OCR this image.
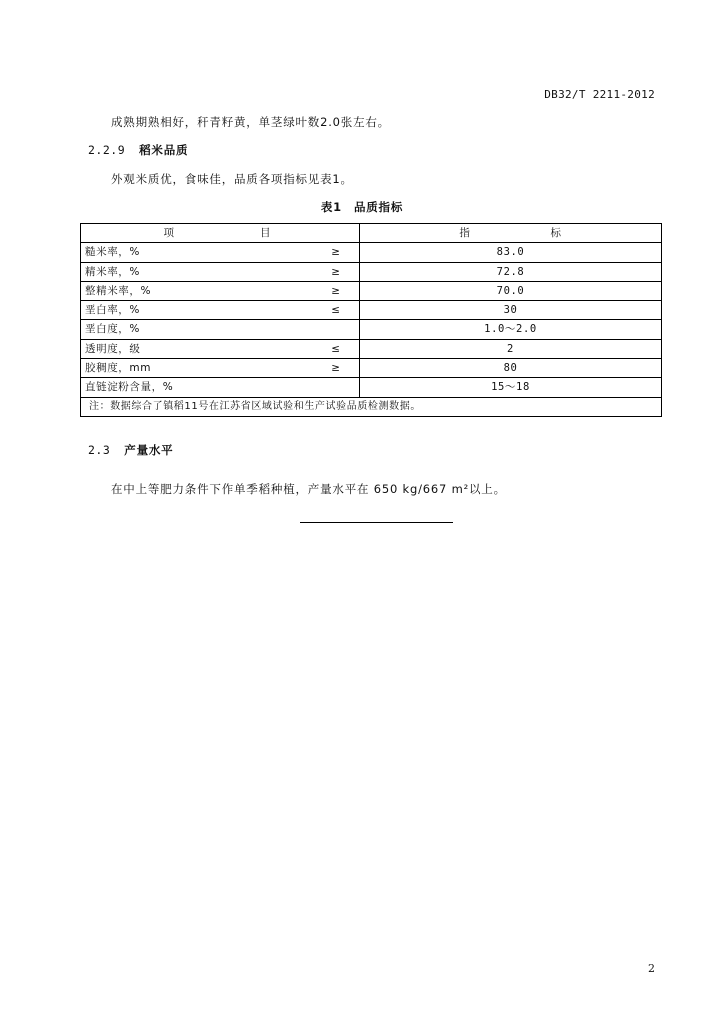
DB32/T 2211-2012
成熟期熟相好，秆青籽黄，单茎绿叶数2.0张左右。
2.2.9 稻米品质
外观米质优，食味佳，品质各项指标见表1。
表1 品质指标
项 目		指 标
糙米率，%	≥	83.0
精米率，%	≥	72.8
整精米率，%	≥	70.0
垩白率，%	≤	30
垩白度，%		1.0～2.0
透明度，级	≤	2
胶稠度，mm	≥	80
直链淀粉含量，%		15～18
注：数据综合了镇稻11号在江苏省区域试验和生产试验品质检测数据。		
2.3 产量水平
在中上等肥力条件下作单季稻种植，产量水平在 650 kg/667 m²以上。
2
